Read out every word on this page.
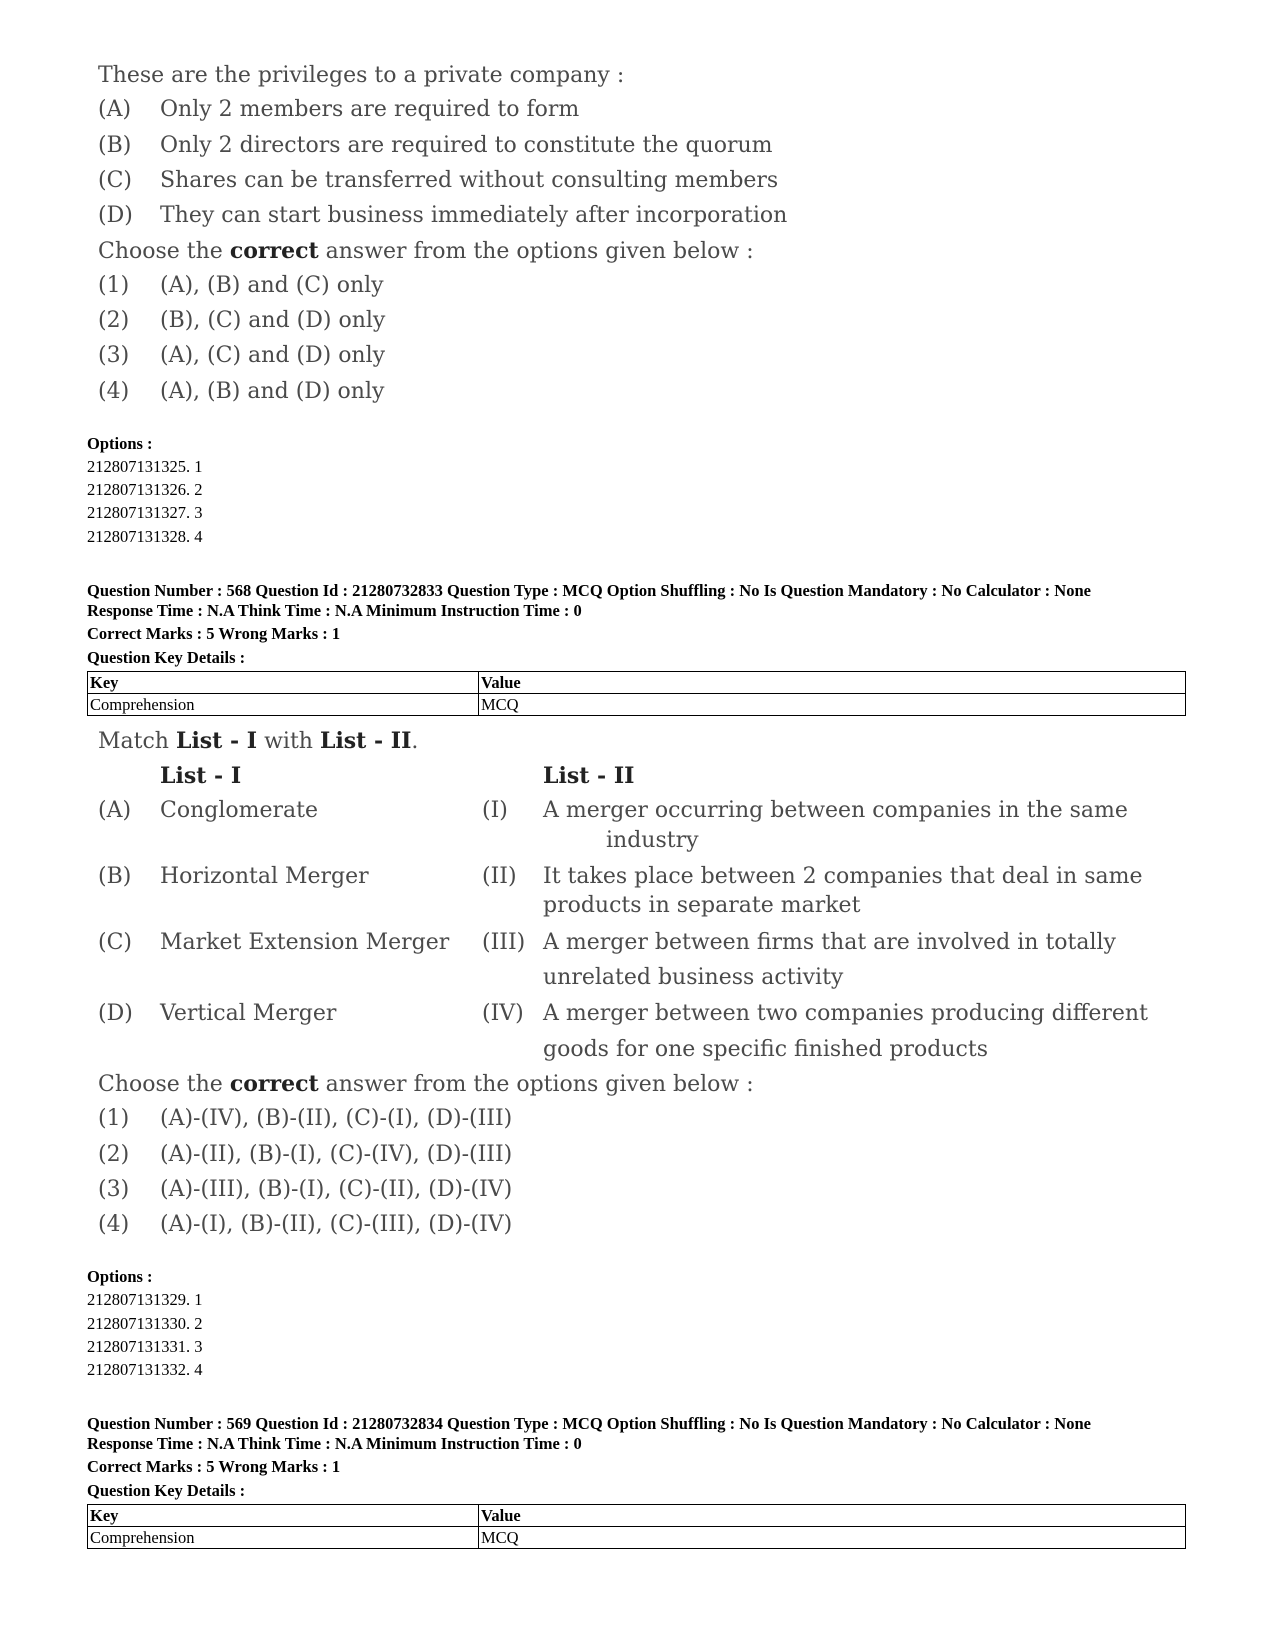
These are the privileges to a private company :
(A) Only 2 members are required to form
(B) Only 2 directors are required to constitute the quorum
(C) Shares can be transferred without consulting members
(D) They can start business immediately after incorporation
Choose the correct answer from the options given below :
(1) (A), (B) and (C) only
(2) (B), (C) and (D) only
(3) (A), (C) and (D) only
(4) (A), (B) and (D) only
Options :
212807131325. 1
212807131326. 2
212807131327. 3
212807131328. 4
Question Number : 568 Question Id : 21280732833 Question Type : MCQ Option Shuffling : No Is Question Mandatory : No Calculator : None
Response Time : N.A Think Time : N.A Minimum Instruction Time : 0
Correct Marks : 5 Wrong Marks : 1
Question Key Details :
Key	Value
Comprehension	MCQ
Match List - I with List - II.
List - I	List - II
(A) Conglomerate	(I) A merger occurring between companies in the same
industry
(B) Horizontal Merger	(II) It takes place between 2 companies that deal in same
products in separate market
(C) Market Extension Merger (III) A merger between firms that are involved in totally
unrelated business activity
(D) Vertical Merger	(IV) A merger between two companies producing different
goods for one specific finished products
Choose the correct answer from the options given below :
(1) (A)-(IV), (B)-(II), (C)-(I), (D)-(III)
(2) (A)-(II), (B)-(I), (C)-(IV), (D)-(III)
(3) (A)-(III), (B)-(I), (C)-(II), (D)-(IV)
(4) (A)-(I), (B)-(II), (C)-(III), (D)-(IV)
Options :
212807131329. 1
212807131330. 2
212807131331. 3
212807131332. 4
Question Number : 569 Question Id : 21280732834 Question Type : MCQ Option Shuffling : No Is Question Mandatory : No Calculator : None
Response Time : N.A Think Time : N.A Minimum Instruction Time : 0
Correct Marks : 5 Wrong Marks : 1
Question Key Details :
Key	Value
Comprehension	MCQ
